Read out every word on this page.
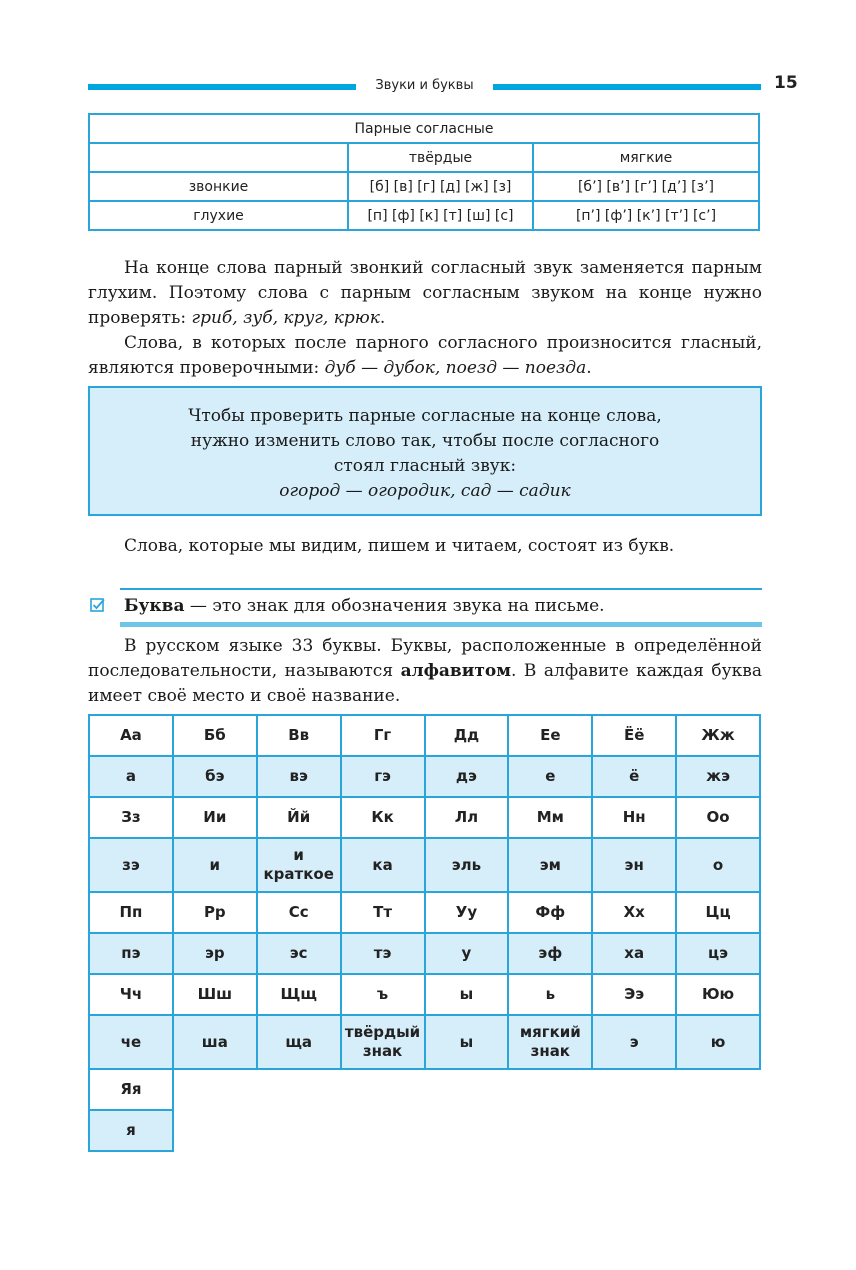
Звуки и буквы	15
Парные согласные		
	твёрдые	мягкие
звонкие	[б] [в] [г] [д] [ж] [з]	[б’] [в’] [г’] [д’] [з’]
глухие	[п] [ф] [к] [т] [ш] [с]	[п’] [ф’] [к’] [т’] [с’]

На конце слова парный звонкий согласный звук заменяется парным глухим. Поэтому слова с парным согласным звуком на конце нужно проверять: гриб, зуб, круг, крюк.

Слова, в которых после парного согласного произносится гласный, являются проверочными: дуб — дубок, поезд — поезда.

Чтобы проверить парные согласные на конце слова,
нужно изменить слово так, чтобы после согласного
стоял гласный звук:
огород — огородик, сад — садик

Слова, которые мы видим, пишем и читаем, состоят из букв.

Буква — это знак для обозначения звука на письме.

В русском языке 33 буквы. Буквы, расположенные в определённой последовательности, называются алфавитом. В алфавите каждая буква имеет своё место и своё название.

Аа	Бб	Вв	Гг	Дд	Ее	Ёё	Жж
а	бэ	вэ	гэ	дэ	е	ё	жэ
Зз	Ии	Йй	Кк	Лл	Мм	Нн	Оо
зэ	и	и краткое	ка	эль	эм	эн	о
Пп	Рр	Сс	Тт	Уу	Фф	Хх	Цц
пэ	эр	эс	тэ	у	эф	ха	цэ
Чч	Шш	Щщ	ъ	ы	ь	Ээ	Юю
че	ша	ща	твёрдый знак	ы	мягкий знак	э	ю
Яя							
я							
